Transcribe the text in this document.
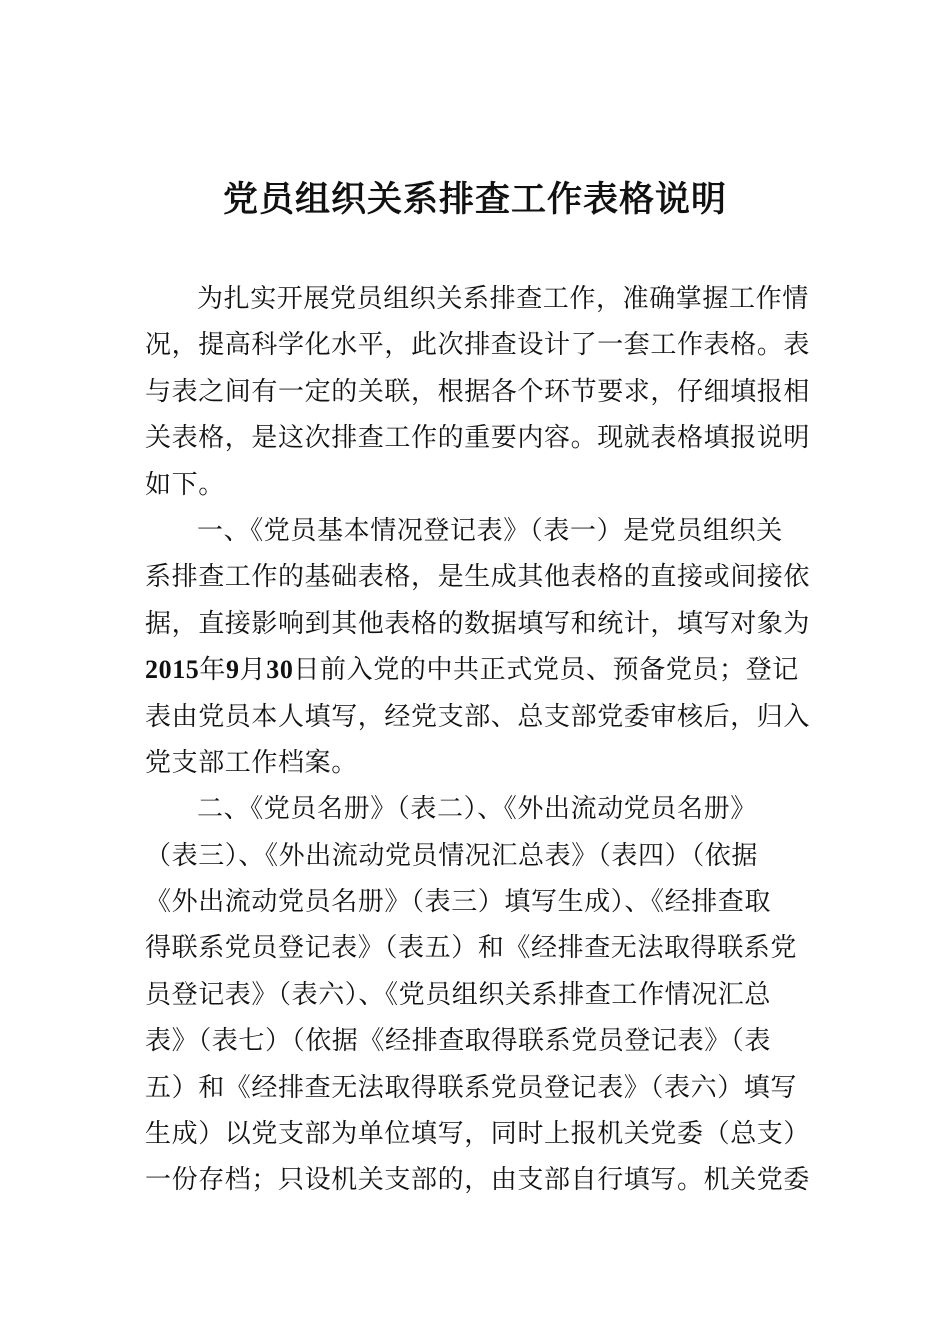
党员组织关系排查工作表格说明
为扎实开展党员组织关系排查工作，准确掌握工作情
况，提高科学化水平，此次排查设计了一套工作表格。表
与表之间有一定的关联，根据各个环节要求，仔细填报相
关表格，是这次排查工作的重要内容。现就表格填报说明
如下。
一、《党员基本情况登记表》（表一）是党员组织关
系排查工作的基础表格，是生成其他表格的直接或间接依
据，直接影响到其他表格的数据填写和统计，填写对象为
2015年9月30日前入党的中共正式党员、预备党员；登记
表由党员本人填写，经党支部、总支部党委审核后，归入
党支部工作档案。
二、《党员名册》（表二）、《外出流动党员名册》
（表三）、《外出流动党员情况汇总表》（表四）（依据
《外出流动党员名册》（表三）填写生成）、《经排查取
得联系党员登记表》（表五）和《经排查无法取得联系党
员登记表》（表六）、《党员组织关系排查工作情况汇总
表》（表七）（依据《经排查取得联系党员登记表》（表
五）和《经排查无法取得联系党员登记表》（表六）填写
生成）以党支部为单位填写，同时上报机关党委（总支）
一份存档；只设机关支部的，由支部自行填写。机关党委
